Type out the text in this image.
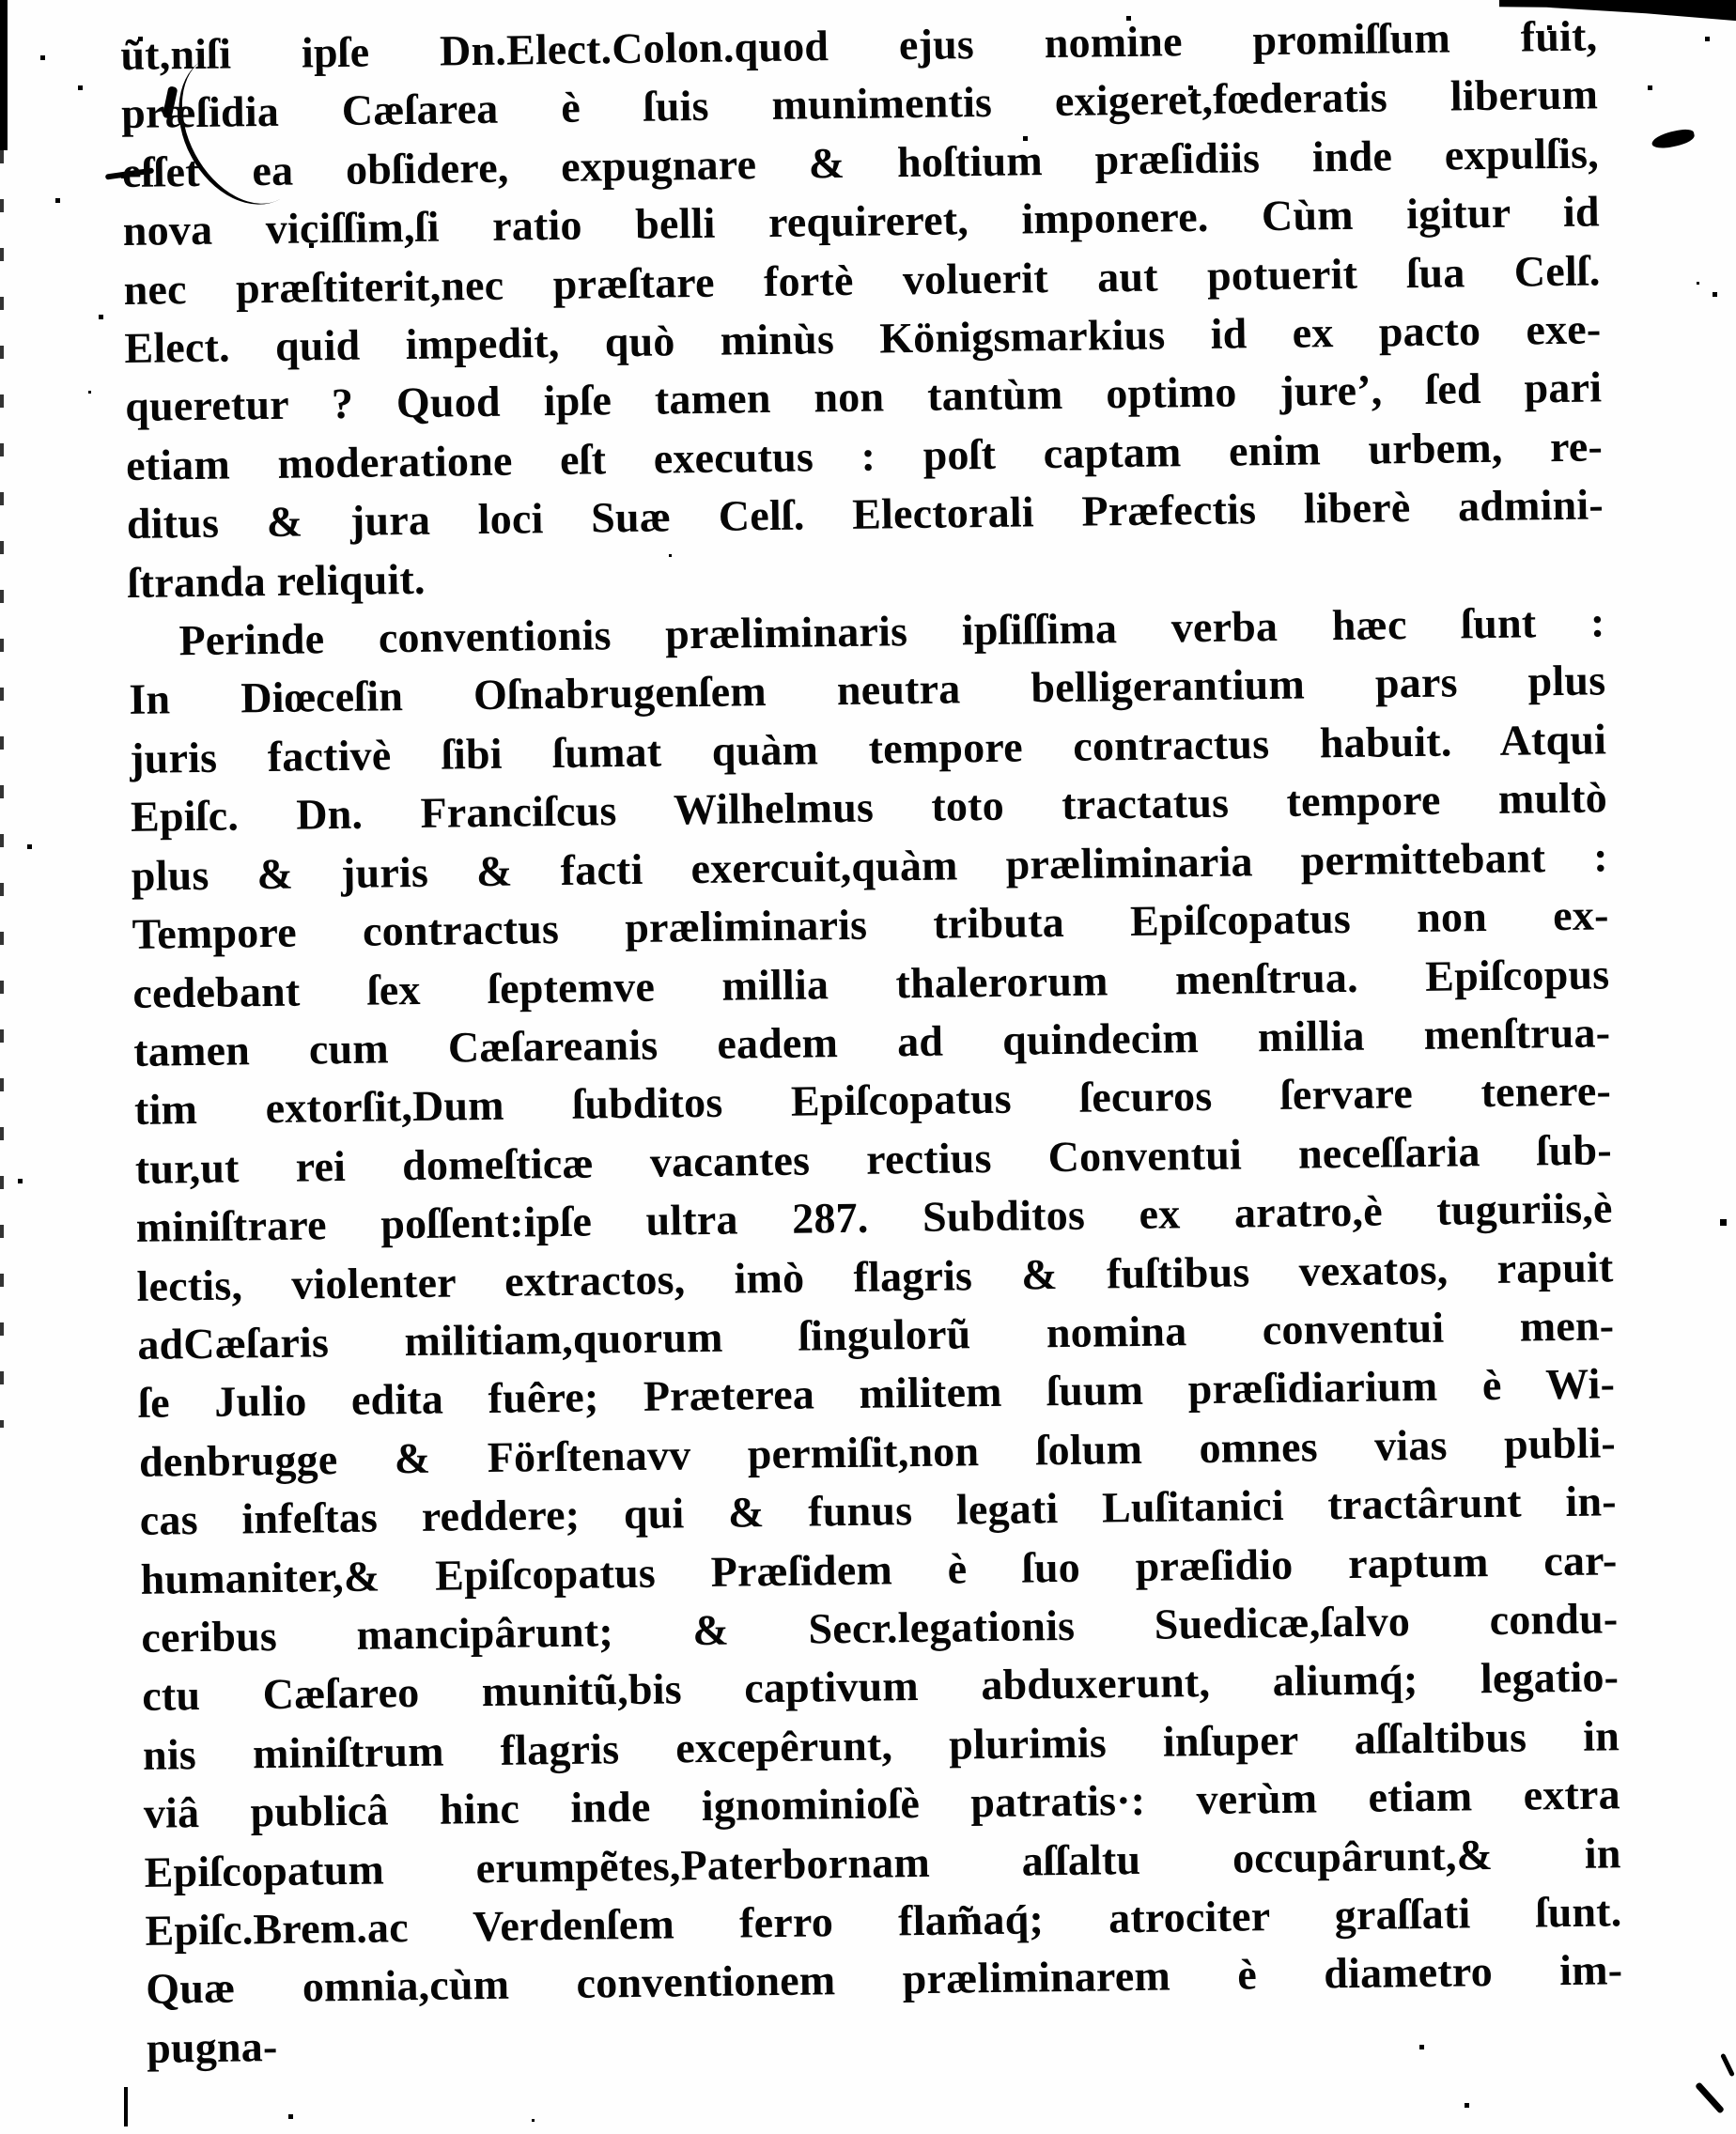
ũt,niſi ipſe Dn.Elect.Colon.quod ejus nomine promiſſum fuit,
præſidia Cæſarea è ſuis munimentis exigeret,fœderatis liberum
eſſet ea obſidere, expugnare & hoſtium præſidiis inde expulſis,
nova viciſſim,ſi ratio belli requireret, imponere. Cùm igitur id
nec præſtiterit,nec præſtare fortè voluerit aut potuerit ſua Celſ.
Elect. quid impedit, quò minùs Königsmarkius id ex pacto exe-
queretur ? Quod ipſe tamen non tantùm optimo jure’, ſed pari
etiam moderatione eſt executus : poſt captam enim urbem, re-
ditus & jura loci Suæ Celſ. Electorali Præfectis liberè admini-
ſtranda reliquit.
Perinde conventionis præliminaris ipſiſſima verba hæc ſunt :
In Diœceſin Oſnabrugenſem neutra belligerantium pars plus
juris factivè ſibi ſumat quàm tempore contractus habuit. Atqui
Epiſc. Dn. Franciſcus Wilhelmus toto tractatus tempore multò
plus & juris & facti exercuit,quàm præliminaria permittebant :
Tempore contractus præliminaris tributa Epiſcopatus non ex-
cedebant ſex ſeptemve millia thalerorum menſtrua. Epiſcopus
tamen cum Cæſareanis eadem ad quindecim millia menſtrua-
tim extorſit,Dum ſubditos Epiſcopatus ſecuros ſervare tenere-
tur,ut rei domeſticæ vacantes rectius Conventui neceſſaria ſub-
miniſtrare poſſent:ipſe ultra 287. Subditos ex aratro,è tuguriis,è
lectis, violenter extractos, imò flagris & fuſtibus vexatos, rapuit
adCæſaris militiam,quorum ſingulorũ nomina conventui men-
ſe Julio edita fuêre; Præterea militem ſuum præſidiarium è Wi-
denbrugge & Förſtenavv permiſit,non ſolum omnes vias publi-
cas infeſtas reddere; qui & funus legati Luſitanici tractârunt in-
humaniter,& Epiſcopatus Præſidem è ſuo præſidio raptum car-
ceribus mancipârunt; & Secr.legationis Suedicæ,ſalvo condu-
ctu Cæſareo munitũ,bis captivum abduxerunt, aliumq́; legatio-
nis miniſtrum flagris excepêrunt, plurimis inſuper aſſaltibus in
viâ publicâ hinc inde ignominioſè patratis·: verùm etiam extra
Epiſcopatum erumpẽtes,Paterbornam aſſaltu occupârunt,& in
Epiſc.Brem.ac Verdenſem ferro flam̃aq́; atrociter graſſati ſunt.
Quæ omnia,cùm conventionem præliminarem è diametro im-
pugna-
